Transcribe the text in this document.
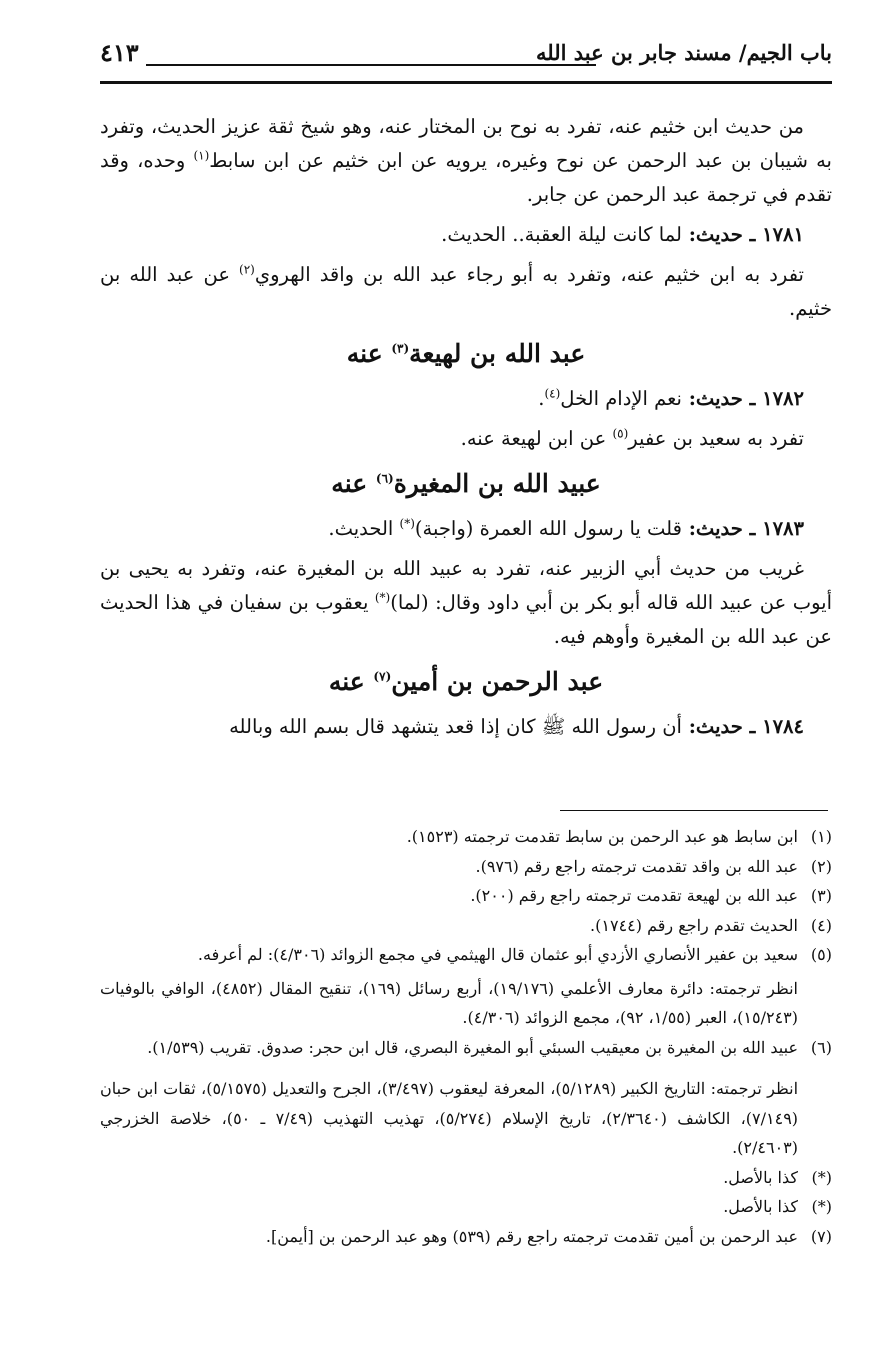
باب الجيم/ مسند جابر بن عبد الله
٤١٣

من حديث ابن خثيم عنه، تفرد به نوح بن المختار عنه، وهو شيخ ثقة عزيز الحديث، وتفرد به شيبان بن عبد الرحمن عن نوح وغيره، يرويه عن ابن خثيم عن ابن سابط$^{(١)}$ وحده، وقد تقدم في ترجمة عبد الرحمن عن جابر.

١٧٨١ ـ حديث: لما كانت ليلة العقبة.. الحديث.

تفرد به ابن خثيم عنه، وتفرد به أبو رجاء عبد الله بن واقد الهروي$^{(٢)}$ عن عبد الله بن خثيم.

عبد الله بن لهيعة$^{(٣)}$ عنه

١٧٨٢ ـ حديث: نعم الإدام الخل$^{(٤)}$.

تفرد به سعيد بن عفير$^{(٥)}$ عن ابن لهيعة عنه.

عبيد الله بن المغيرة$^{(٦)}$ عنه

١٧٨٣ ـ حديث: قلت يا رسول الله العمرة (واجبة)(*) الحديث.

غريب من حديث أبي الزبير عنه، تفرد به عبيد الله بن المغيرة عنه، وتفرد به يحيى بن أيوب عن عبيد الله قاله أبو بكر بن أبي داود وقال: (لما)(*) يعقوب بن سفيان في هذا الحديث عن عبد الله بن المغيرة وأوهم فيه.

عبد الرحمن بن أمين$^{(٧)}$ عنه

١٧٨٤ ـ حديث: أن رسول الله ﷺ كان إذا قعد يتشهد قال بسم الله وبالله

(١)
ابن سابط هو عبد الرحمن بن سابط تقدمت ترجمته (١٥٢٣).
(٢)
عبد الله بن واقد تقدمت ترجمته راجع رقم (٩٧٦).
(٣)
عبد الله بن لهيعة تقدمت ترجمته راجع رقم (٢٠٠).
(٤)
الحديث تقدم راجع رقم (١٧٤٤).
(٥)
سعيد بن عفير الأنصاري الأزدي أبو عثمان قال الهيثمي في مجمع الزوائد (٤/٣٠٦): لم أعرفه.
انظر ترجمته: دائرة معارف الأعلمي (١٩/١٧٦)، أربع رسائل (١٦٩)، تنقيح المقال (٤٨٥٢)، الوافي بالوفيات (١٥/٢٤٣)، العبر (١/٥٥، ٩٢)، مجمع الزوائد (٤/٣٠٦).
(٦)
عبيد الله بن المغيرة بن معيقيب السبئي أبو المغيرة البصري، قال ابن حجر: صدوق. تقريب (١/٥٣٩).
انظر ترجمته: التاريخ الكبير (٥/١٢٨٩)، المعرفة ليعقوب (٣/٤٩٧)، الجرح والتعديل (٥/١٥٧٥)، ثقات ابن حبان (٧/١٤٩)، الكاشف (٢/٣٦٤٠)، تاريخ الإسلام (٥/٢٧٤)، تهذيب التهذيب (٧/٤٩ ـ ٥٠)، خلاصة الخزرجي (٢/٤٦٠٣).
(*)
كذا بالأصل.
(*)
كذا بالأصل.
(٧)
عبد الرحمن بن أمين تقدمت ترجمته راجع رقم (٥٣٩) وهو عبد الرحمن بن [أيمن].
